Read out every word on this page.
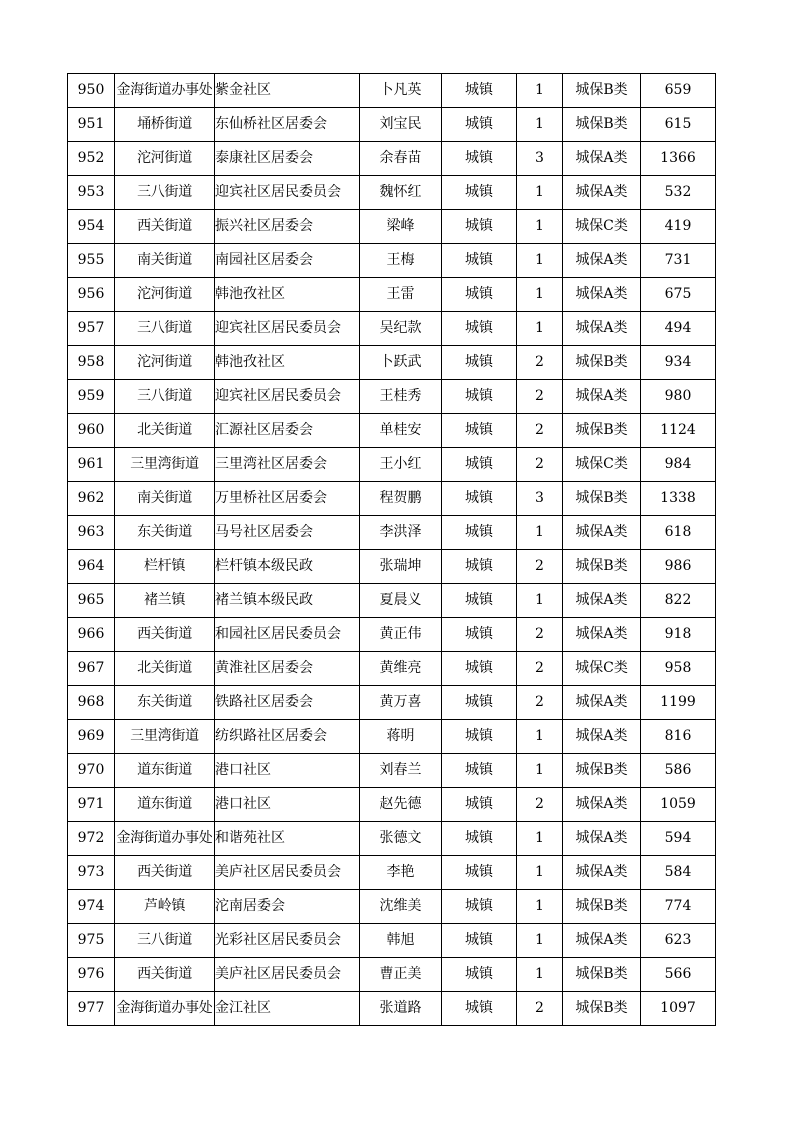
950	金海街道办事处	紫金社区	卜凡英	城镇	1	城保B类	659
951	埇桥街道	东仙桥社区居委会	刘宝民	城镇	1	城保B类	615
952	沱河街道	泰康社区居委会	余春苗	城镇	3	城保A类	1366
953	三八街道	迎宾社区居民委员会	魏怀红	城镇	1	城保A类	532
954	西关街道	振兴社区居委会	梁峰	城镇	1	城保C类	419
955	南关街道	南园社区居委会	王梅	城镇	1	城保A类	731
956	沱河街道	韩池孜社区	王雷	城镇	1	城保A类	675
957	三八街道	迎宾社区居民委员会	吴纪款	城镇	1	城保A类	494
958	沱河街道	韩池孜社区	卜跃武	城镇	2	城保B类	934
959	三八街道	迎宾社区居民委员会	王桂秀	城镇	2	城保A类	980
960	北关街道	汇源社区居委会	单桂安	城镇	2	城保B类	1124
961	三里湾街道	三里湾社区居委会	王小红	城镇	2	城保C类	984
962	南关街道	万里桥社区居委会	程贺鹏	城镇	3	城保B类	1338
963	东关街道	马号社区居委会	李洪泽	城镇	1	城保A类	618
964	栏杆镇	栏杆镇本级民政	张瑞坤	城镇	2	城保B类	986
965	褚兰镇	褚兰镇本级民政	夏晨义	城镇	1	城保A类	822
966	西关街道	和园社区居民委员会	黄正伟	城镇	2	城保A类	918
967	北关街道	黄淮社区居委会	黄维亮	城镇	2	城保C类	958
968	东关街道	铁路社区居委会	黄万喜	城镇	2	城保A类	1199
969	三里湾街道	纺织路社区居委会	蒋明	城镇	1	城保A类	816
970	道东街道	港口社区	刘春兰	城镇	1	城保B类	586
971	道东街道	港口社区	赵先德	城镇	2	城保A类	1059
972	金海街道办事处	和谐苑社区	张德文	城镇	1	城保A类	594
973	西关街道	美庐社区居民委员会	李艳	城镇	1	城保A类	584
974	芦岭镇	沱南居委会	沈维美	城镇	1	城保B类	774
975	三八街道	光彩社区居民委员会	韩旭	城镇	1	城保A类	623
976	西关街道	美庐社区居民委员会	曹正美	城镇	1	城保B类	566
977	金海街道办事处	金江社区	张道路	城镇	2	城保B类	1097
